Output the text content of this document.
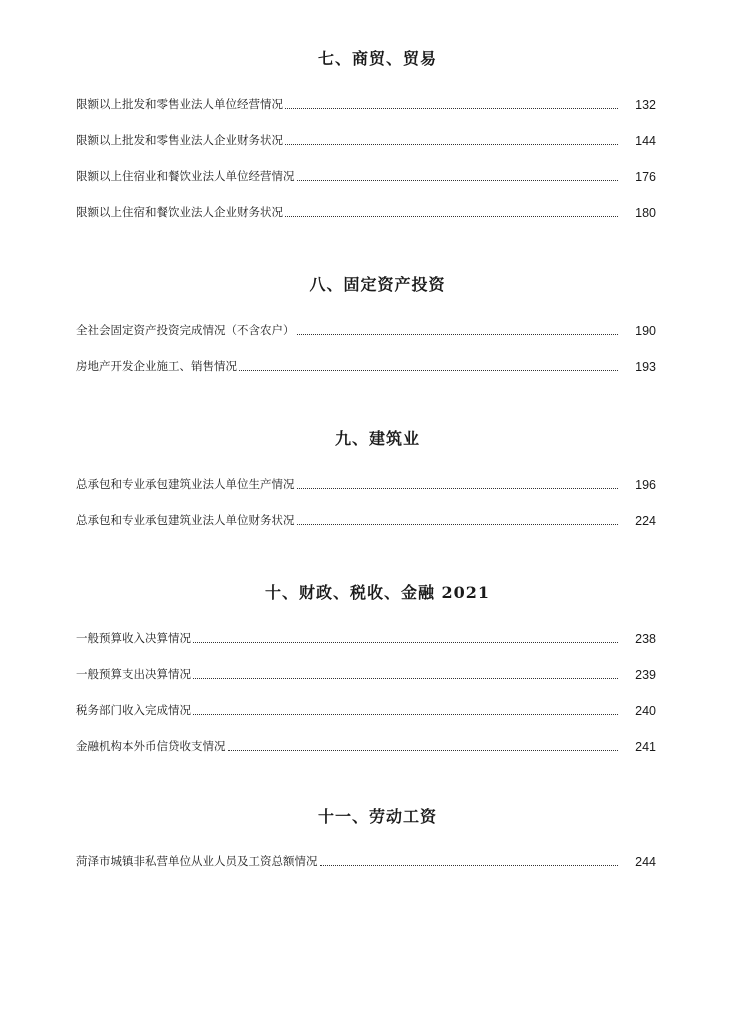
七、商贸、贸易
限额以上批发和零售业法人单位经营情况	132
限额以上批发和零售业法人企业财务状况	144
限额以上住宿业和餐饮业法人单位经营情况	176
限额以上住宿和餐饮业法人企业财务状况	180
八、固定资产投资
全社会固定资产投资完成情况（不含农户）	190
房地产开发企业施工、销售情况	193
九、建筑业
总承包和专业承包建筑业法人单位生产情况	196
总承包和专业承包建筑业法人单位财务状况	224
十、财政、税收、金融 2021
一般预算收入决算情况	238
一般预算支出决算情况	239
税务部门收入完成情况	240
金融机构本外币信贷收支情况	241
十一、劳动工资
菏泽市城镇非私营单位从业人员及工资总额情况	244
